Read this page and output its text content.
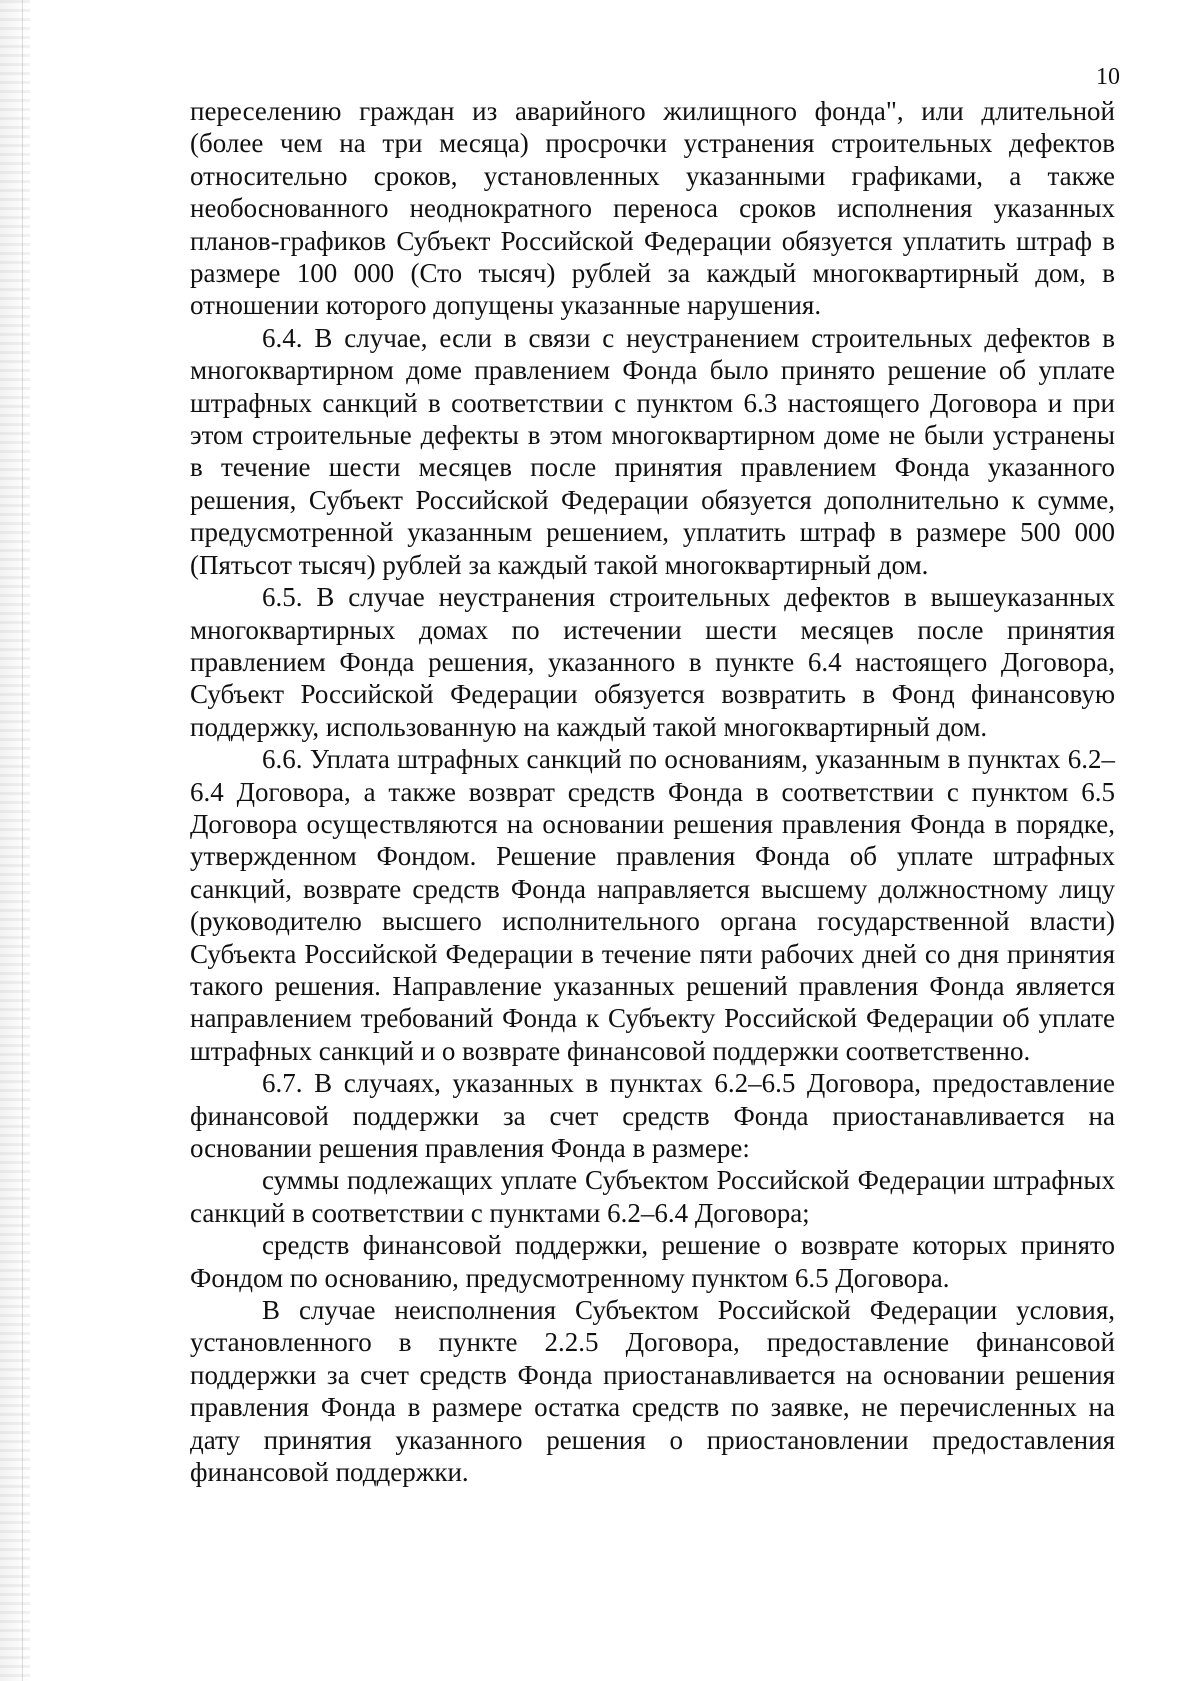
10

переселению граждан из аварийного жилищного фонда", или длительной (более чем на три месяца) просрочки устранения строительных дефектов относительно сроков, установленных указанными графиками, а также необоснованного неоднократного переноса сроков исполнения указанных планов-графиков Субъект Российской Федерации обязуется уплатить штраф в размере 100 000 (Сто тысяч) рублей за каждый многоквартирный дом, в отношении которого допущены указанные нарушения.

6.4. В случае, если в связи с неустранением строительных дефектов в многоквартирном доме правлением Фонда было принято решение об уплате штрафных санкций в соответствии с пунктом 6.3 настоящего Договора и при этом строительные дефекты в этом многоквартирном доме не были устранены в течение шести месяцев после принятия правлением Фонда указанного решения, Субъект Российской Федерации обязуется дополнительно к сумме, предусмотренной указанным решением, уплатить штраф в размере 500 000 (Пятьсот тысяч) рублей за каждый такой многоквартирный дом.

6.5. В случае неустранения строительных дефектов в вышеуказанных многоквартирных домах по истечении шести месяцев после принятия правлением Фонда решения, указанного в пункте 6.4 настоящего Договора, Субъект Российской Федерации обязуется возвратить в Фонд финансовую поддержку, использованную на каждый такой многоквартирный дом.

6.6. Уплата штрафных санкций по основаниям, указанным в пунктах 6.2–6.4 Договора, а также возврат средств Фонда в соответствии с пунктом 6.5 Договора осуществляются на основании решения правления Фонда в порядке, утвержденном Фондом. Решение правления Фонда об уплате штрафных санкций, возврате средств Фонда направляется высшему должностному лицу (руководителю высшего исполнительного органа государственной власти) Субъекта Российской Федерации в течение пяти рабочих дней со дня принятия такого решения. Направление указанных решений правления Фонда является направлением требований Фонда к Субъекту Российской Федерации об уплате штрафных санкций и о возврате финансовой поддержки соответственно.

6.7. В случаях, указанных в пунктах 6.2–6.5 Договора, предоставление финансовой поддержки за счет средств Фонда приостанавливается на основании решения правления Фонда в размере:

суммы подлежащих уплате Субъектом Российской Федерации штрафных санкций в соответствии с пунктами 6.2–6.4 Договора;

средств финансовой поддержки, решение о возврате которых принято Фондом по основанию, предусмотренному пунктом 6.5 Договора.

В случае неисполнения Субъектом Российской Федерации условия, установленного в пункте 2.2.5 Договора, предоставление финансовой поддержки за счет средств Фонда приостанавливается на основании решения правления Фонда в размере остатка средств по заявке, не перечисленных на дату принятия указанного решения о приостановлении предоставления финансовой поддержки.
